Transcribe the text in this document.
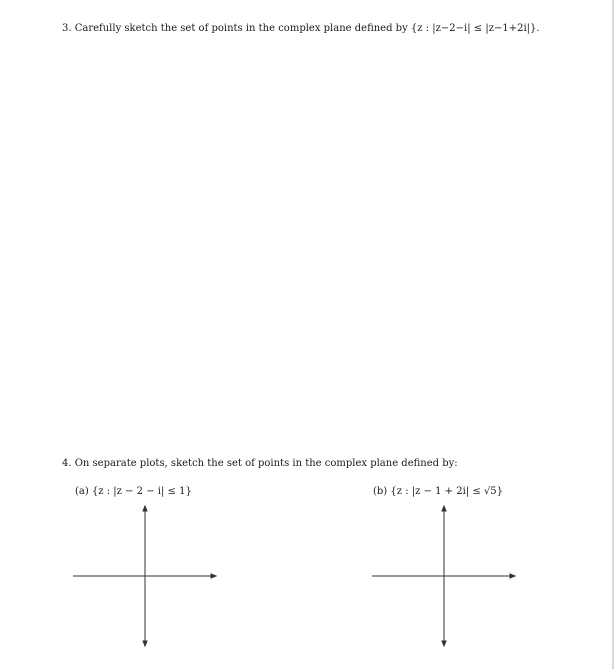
3. Carefully sketch the set of points in the complex plane defined by {z : |z−2−i| ≤ |z−1+2i|}.
4. On separate plots, sketch the set of points in the complex plane defined by:
(a) {z : |z − 2 − i| ≤ 1}	(b) {z : |z − 1 + 2i| ≤ √5}
